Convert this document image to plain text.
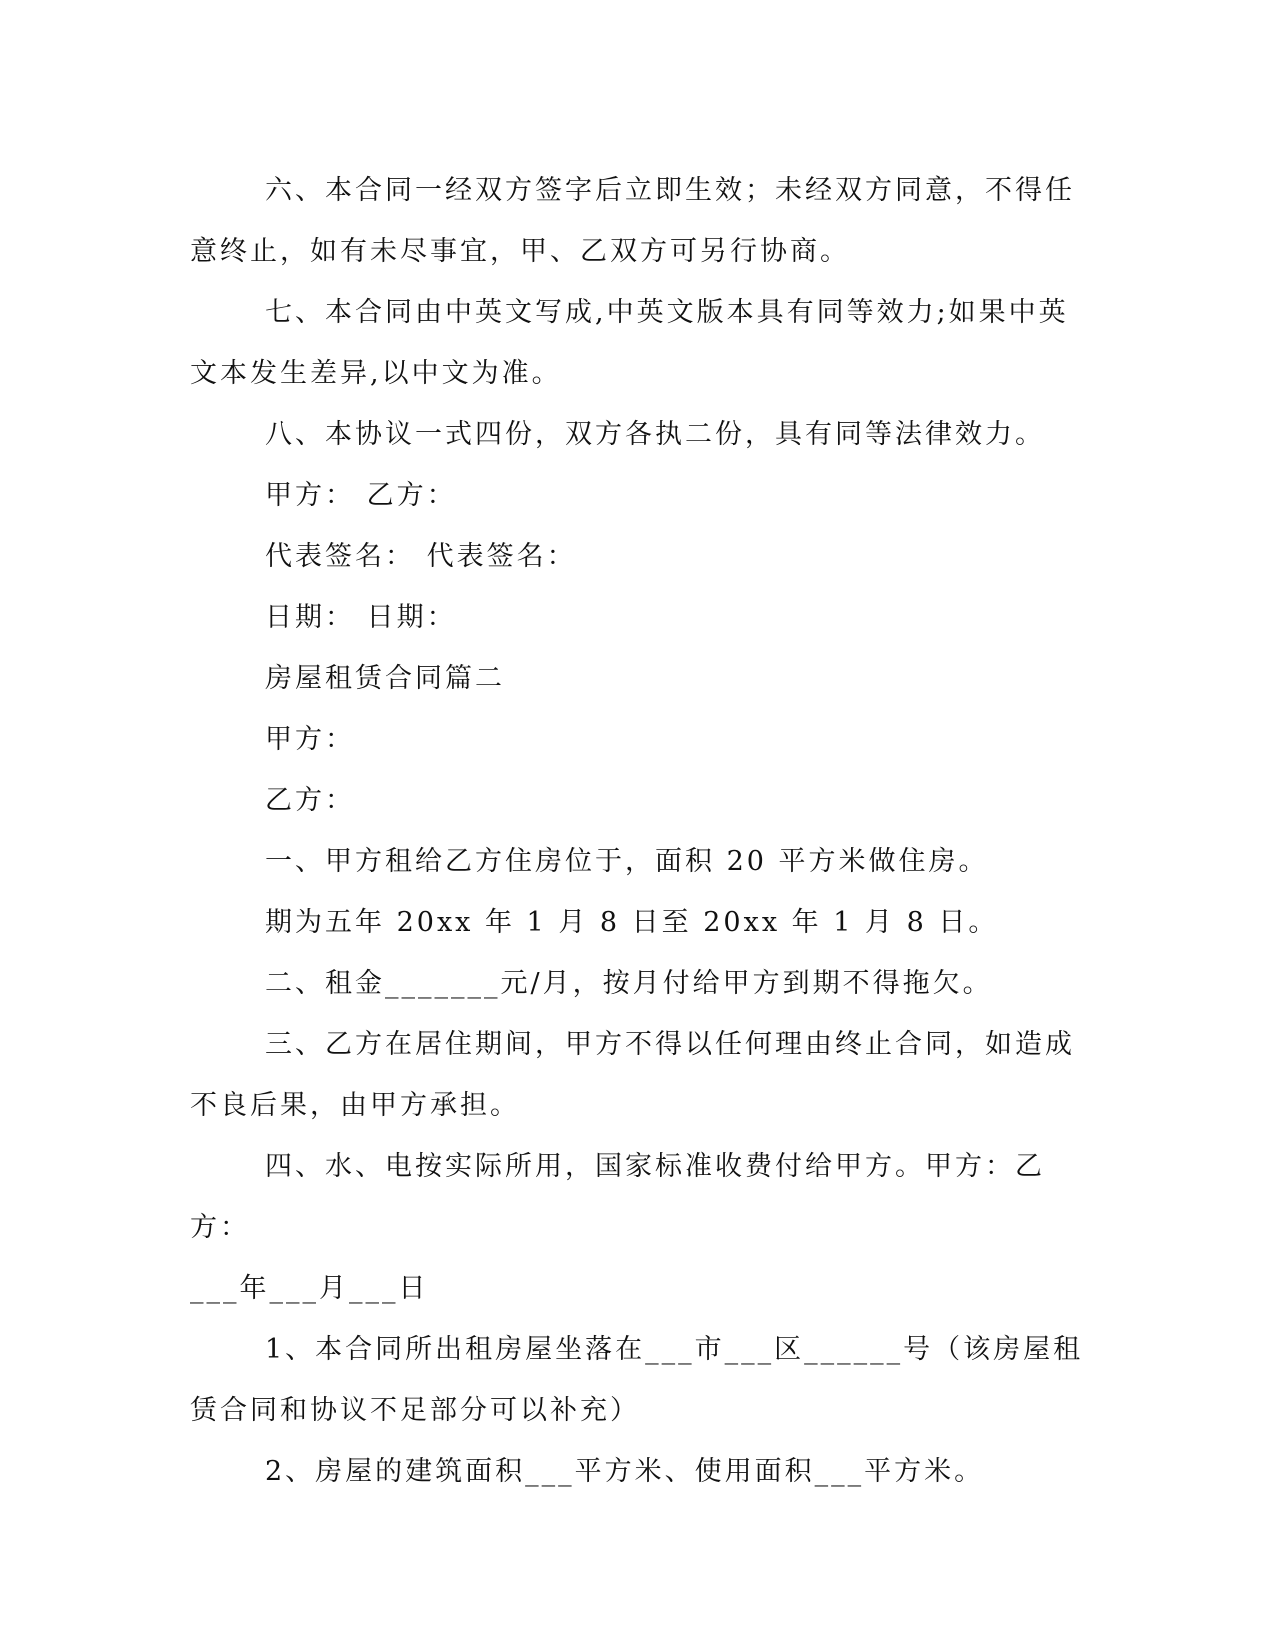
六、本合同一经双方签字后立即生效；未经双方同意，不得任意终止，如有未尽事宜，甲、乙双方可另行协商。

七、本合同由中英文写成,中英文版本具有同等效力;如果中英文本发生差异,以中文为准。

八、本协议一式四份，双方各执二份，具有同等法律效力。

甲方： 乙方：

代表签名： 代表签名：

日期： 日期：

房屋租赁合同篇二

甲方：

乙方：

一、甲方租给乙方住房位于，面积 20 平方米做住房。

期为五年 20xx 年 1 月 8 日至 20xx 年 1 月 8 日。

二、租金_______元/月，按月付给甲方到期不得拖欠。

三、乙方在居住期间，甲方不得以任何理由终止合同，如造成不良后果，由甲方承担。

四、水、电按实际所用，国家标准收费付给甲方。甲方：乙方：

___年___月___日

1、本合同所出租房屋坐落在___市___区______号（该房屋租赁合同和协议不足部分可以补充）

2、房屋的建筑面积___平方米、使用面积___平方米。
